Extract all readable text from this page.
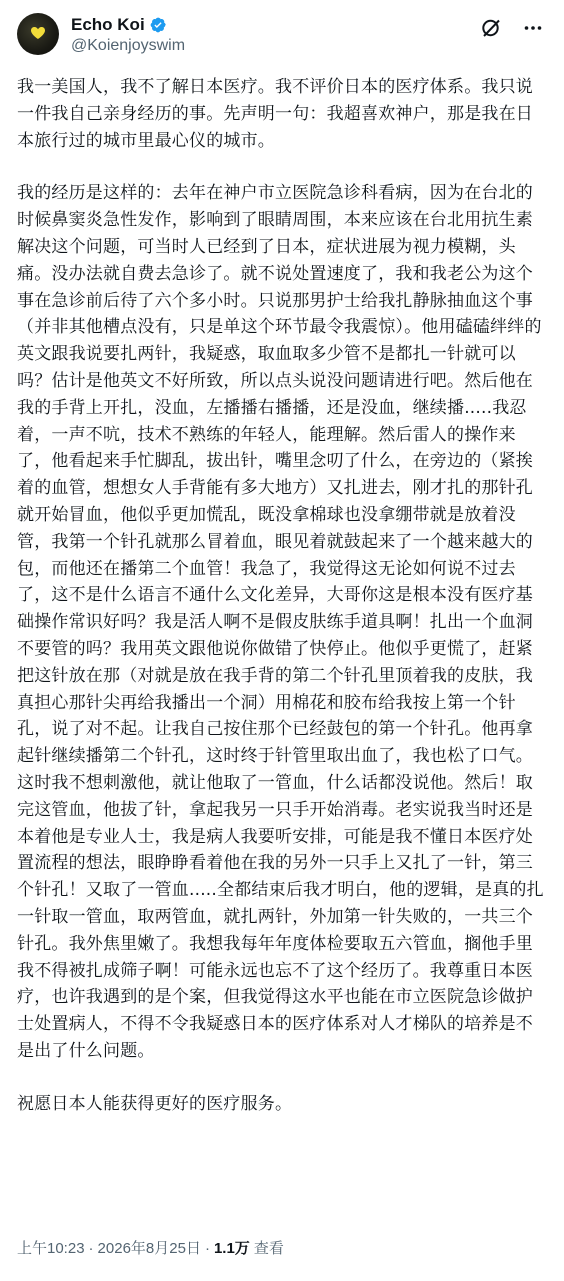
Echo Koi
@Koienjoyswim

我一美国人，我不了解日本医疗。我不评价日本的医疗体系。我只说一件我自己亲身经历的事。先声明一句：我超喜欢神户，那是我在日本旅行过的城市里最心仪的城市。

我的经历是这样的：去年在神户市立医院急诊科看病，因为在台北的时候鼻窦炎急性发作，影响到了眼睛周围，本来应该在台北用抗生素解决这个问题，可当时人已经到了日本，症状进展为视力模糊，头痛。没办法就自费去急诊了。就不说处置速度了，我和我老公为这个事在急诊前后待了六个多小时。只说那男护士给我扎静脉抽血这个事（并非其他槽点没有，只是单这个环节最令我震惊）。他用磕磕绊绊的英文跟我说要扎两针，我疑惑，取血取多少管不是都扎一针就可以吗？估计是他英文不好所致，所以点头说没问题请进行吧。然后他在我的手背上开扎，没血，左播播右播播，还是没血，继续播.....我忍着，一声不吭，技术不熟练的年轻人，能理解。然后雷人的操作来了，他看起来手忙脚乱，拔出针，嘴里念叨了什么，在旁边的（紧挨着的血管，想想女人手背能有多大地方）又扎进去，刚才扎的那针孔就开始冒血，他似乎更加慌乱，既没拿棉球也没拿绷带就是放着没管，我第一个针孔就那么冒着血，眼见着就鼓起来了一个越来越大的包，而他还在播第二个血管！我急了，我觉得这无论如何说不过去了，这不是什么语言不通什么文化差异，大哥你这是根本没有医疗基础操作常识好吗？我是活人啊不是假皮肤练手道具啊！扎出一个血洞不要管的吗？我用英文跟他说你做错了快停止。他似乎更慌了，赶紧把这针放在那（对就是放在我手背的第二个针孔里顶着我的皮肤，我真担心那针尖再给我播出一个洞）用棉花和胶布给我按上第一个针孔，说了对不起。让我自己按住那个已经鼓包的第一个针孔。他再拿起针继续播第二个针孔，这时终于针管里取出血了，我也松了口气。这时我不想刺激他，就让他取了一管血，什么话都没说他。然后！取完这管血，他拔了针，拿起我另一只手开始消毒。老实说我当时还是本着他是专业人士，我是病人我要听安排，可能是我不懂日本医疗处置流程的想法，眼睁睁看着他在我的另外一只手上又扎了一针，第三个针孔！又取了一管血.....全都结束后我才明白，他的逻辑，是真的扎一针取一管血，取两管血，就扎两针，外加第一针失败的，一共三个针孔。我外焦里嫩了。我想我每年年度体检要取五六管血，搁他手里我不得被扎成筛子啊！可能永远也忘不了这个经历了。我尊重日本医疗，也许我遇到的是个案，但我觉得这水平也能在市立医院急诊做护士处置病人，不得不令我疑惑日本的医疗体系对人才梯队的培养是不是出了什么问题。

祝愿日本人能获得更好的医疗服务。

上午10:23 · 2026年8月25日 · 1.1万 查看
